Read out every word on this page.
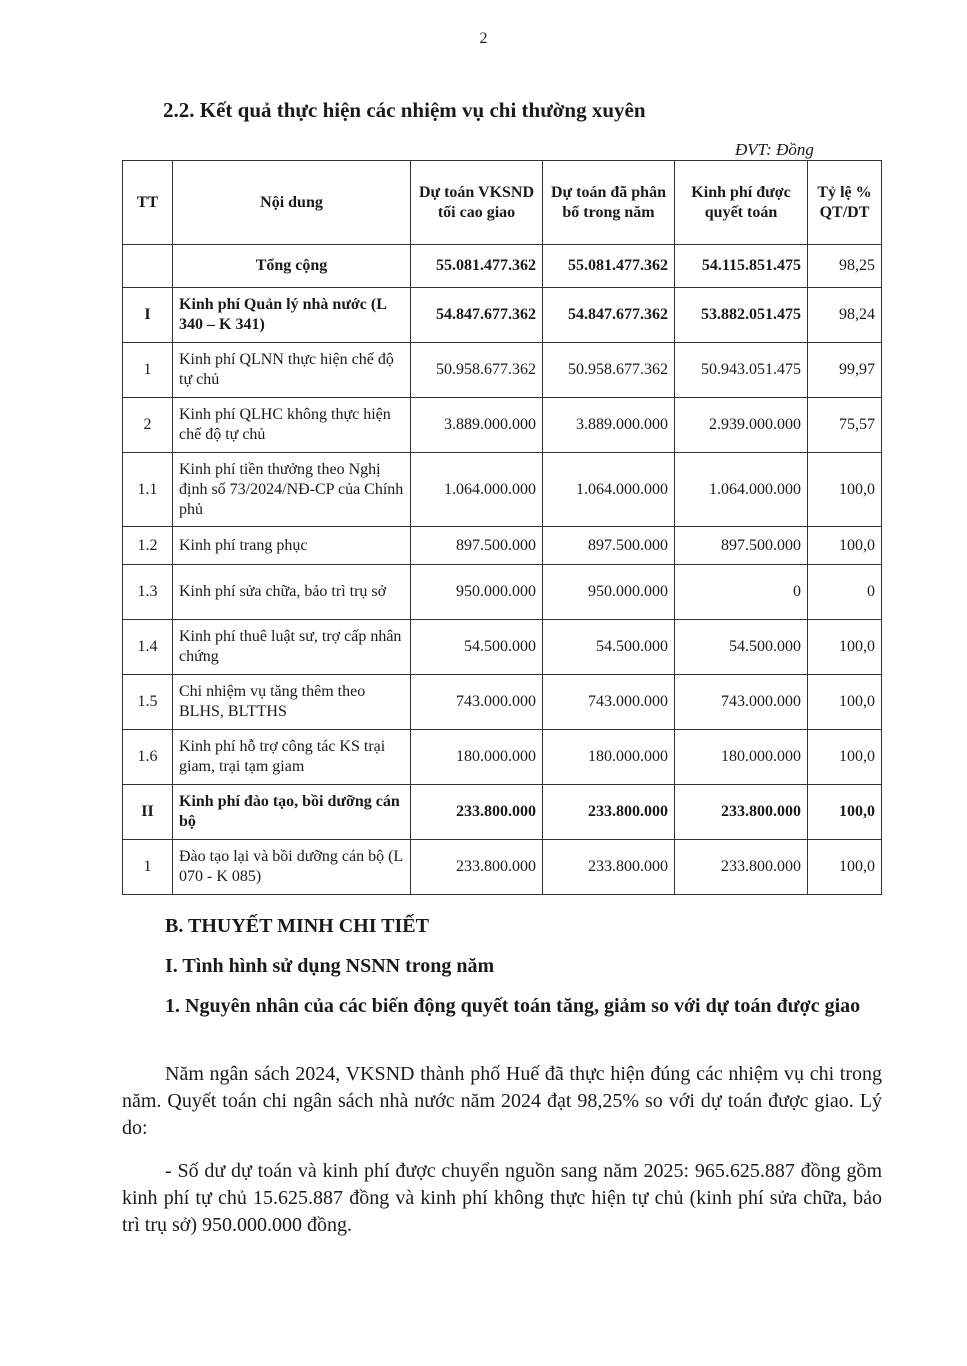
2
2.2. Kết quả thực hiện các nhiệm vụ chi thường xuyên
ĐVT: Đồng
TT	Nội dung	Dự toán VKSND tối cao giao	Dự toán đã phân bổ trong năm	Kinh phí được quyết toán	Tỷ lệ % QT/DT
	Tổng cộng	55.081.477.362	55.081.477.362	54.115.851.475	98,25
I	Kinh phí Quản lý nhà nước (L 340 – K 341)	54.847.677.362	54.847.677.362	53.882.051.475	98,24
1	Kinh phí QLNN thực hiện chế độ tự chủ	50.958.677.362	50.958.677.362	50.943.051.475	99,97
2	Kinh phí QLHC không thực hiện chế độ tự chủ	3.889.000.000	3.889.000.000	2.939.000.000	75,57
1.1	Kinh phí tiền thưởng theo Nghị định số 73/2024/NĐ-CP của Chính phủ	1.064.000.000	1.064.000.000	1.064.000.000	100,0
1.2	Kinh phí trang phục	897.500.000	897.500.000	897.500.000	100,0
1.3	Kinh phí sửa chữa, bảo trì trụ sở	950.000.000	950.000.000	0	0
1.4	Kinh phí thuê luật sư, trợ cấp nhân chứng	54.500.000	54.500.000	54.500.000	100,0
1.5	Chi nhiệm vụ tăng thêm theo BLHS, BLTTHS	743.000.000	743.000.000	743.000.000	100,0
1.6	Kinh phí hỗ trợ công tác KS trại giam, trại tạm giam	180.000.000	180.000.000	180.000.000	100,0
II	Kinh phí đào tạo, bồi dưỡng cán bộ	233.800.000	233.800.000	233.800.000	100,0
1	Đào tạo lại và bồi dưỡng cán bộ (L 070 - K 085)	233.800.000	233.800.000	233.800.000	100,0
B. THUYẾT MINH CHI TIẾT
I. Tình hình sử dụng NSNN trong năm
1. Nguyên nhân của các biến động quyết toán tăng, giảm so với dự toán được giao
Năm ngân sách 2024, VKSND thành phố Huế đã thực hiện đúng các nhiệm vụ chi trong năm. Quyết toán chi ngân sách nhà nước năm 2024 đạt 98,25% so với dự toán được giao. Lý do:
- Số dư dự toán và kinh phí được chuyển nguồn sang năm 2025: 965.625.887 đồng gồm kinh phí tự chủ 15.625.887 đồng và kinh phí không thực hiện tự chủ (kinh phí sửa chữa, bảo trì trụ sở) 950.000.000 đồng.
